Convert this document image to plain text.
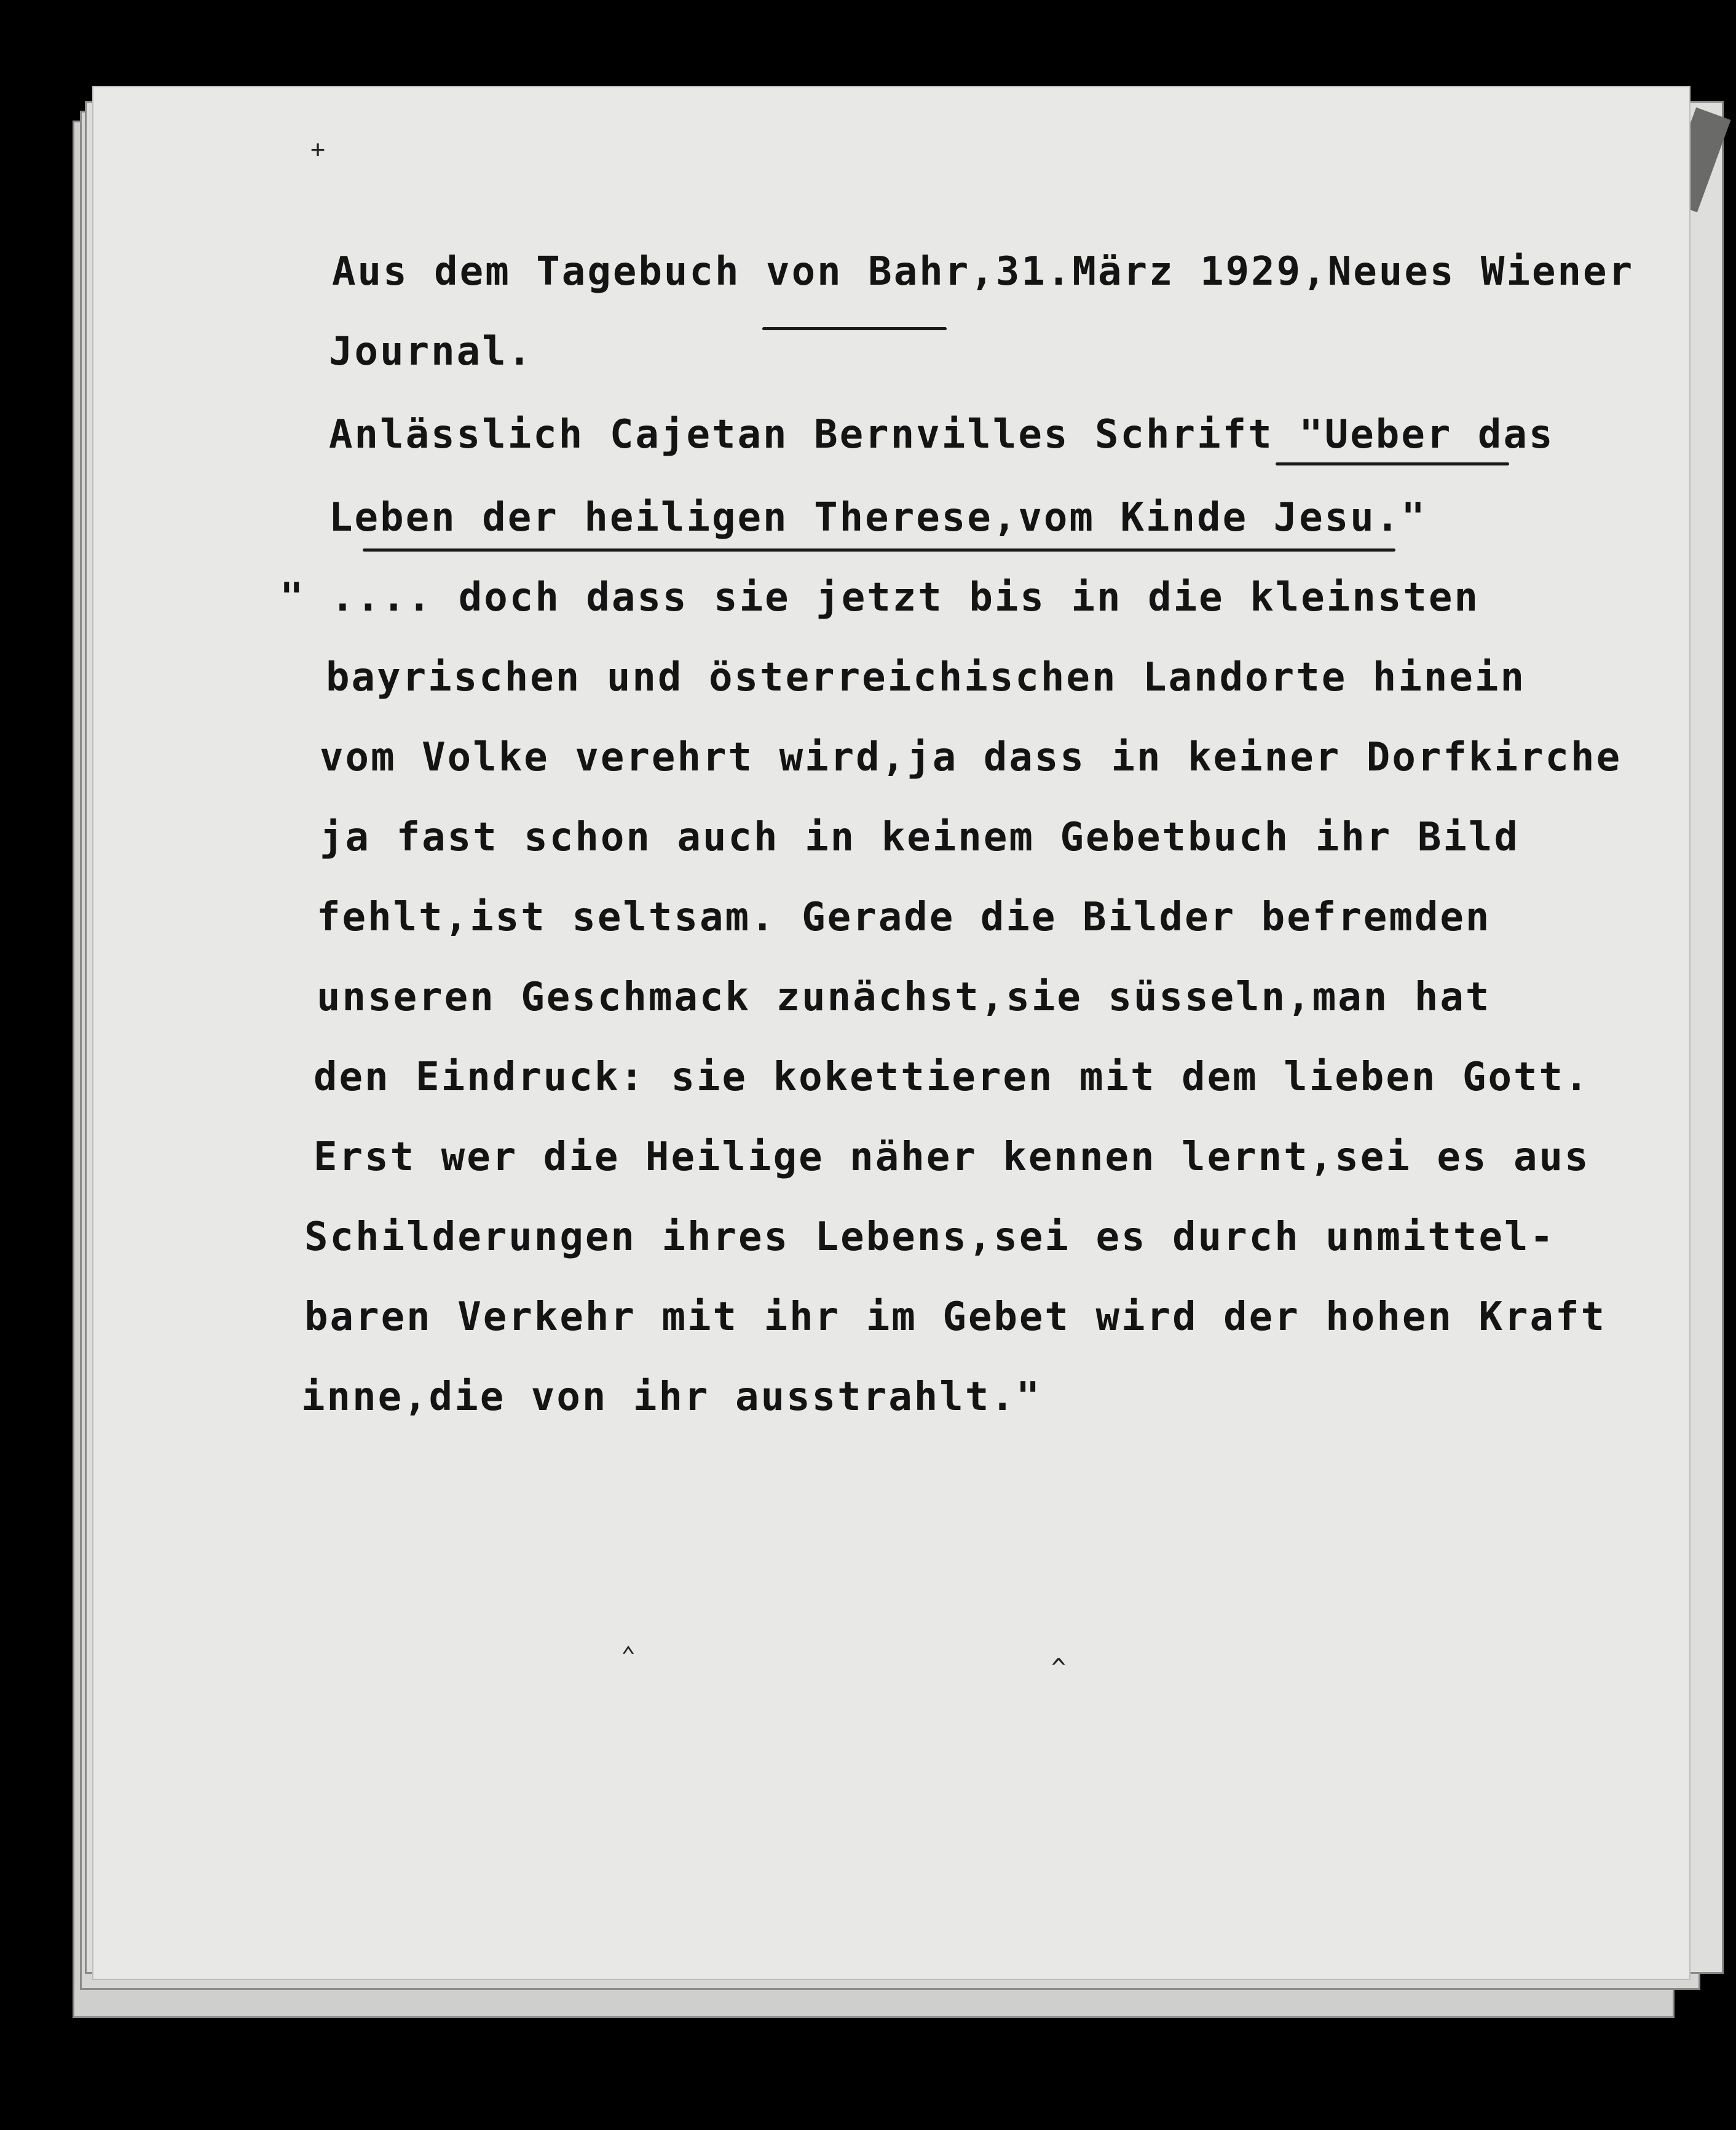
+
Aus dem Tagebuch von Bahr,31.März 1929,Neues Wiener
Journal.
Anlässlich Cajetan Bernvilles Schrift "Ueber das
Leben der heiligen Therese,vom Kinde Jesu."
" .... doch dass sie jetzt bis in die kleinsten
bayrischen und österreichischen Landorte hinein
vom Volke verehrt wird,ja dass in keiner Dorfkirche
ja fast schon auch in keinem Gebetbuch ihr Bild
fehlt,ist seltsam. Gerade die Bilder befremden
unseren Geschmack zunächst,sie süsseln,man hat
den Eindruck: sie kokettieren mit dem lieben Gott.
Erst wer die Heilige näher kennen lernt,sei es aus
Schilderungen ihres Lebens,sei es durch unmittel-
baren Verkehr mit ihr im Gebet wird der hohen Kraft
inne,die von ihr ausstrahlt."
^
⌃
